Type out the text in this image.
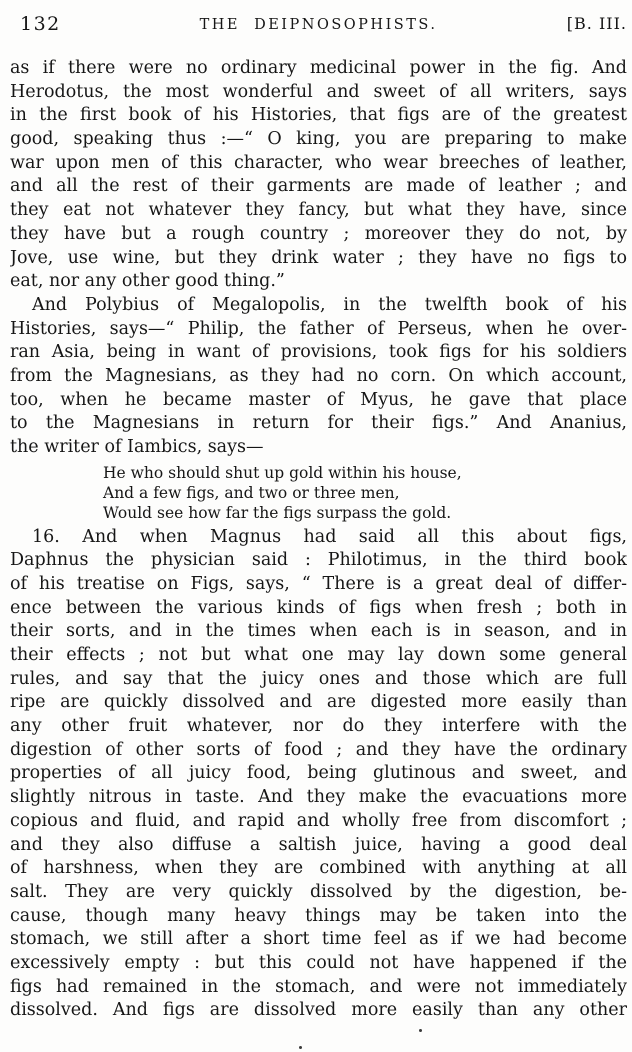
132	THE DEIPNOSOPHISTS.	[B. III.
as if there were no ordinary medicinal power in the fig. And
Herodotus, the most wonderful and sweet of all writers, says
in the first book of his Histories, that figs are of the greatest
good, speaking thus :—“ O king, you are preparing to make
war upon men of this character, who wear breeches of leather,
and all the rest of their garments are made of leather ; and
they eat not whatever they fancy, but what they have, since
they have but a rough country ; moreover they do not, by
Jove, use wine, but they drink water ; they have no figs to
eat, nor any other good thing.”
And Polybius of Megalopolis, in the twelfth book of his
Histories, says—“ Philip, the father of Perseus, when he over-
ran Asia, being in want of provisions, took figs for his soldiers
from the Magnesians, as they had no corn. On which account,
too, when he became master of Myus, he gave that place
to the Magnesians in return for their figs.” And Ananius,
the writer of Iambics, says—
He who should shut up gold within his house,
And a few figs, and two or three men,
Would see how far the figs surpass the gold.
16. And when Magnus had said all this about figs,
Daphnus the physician said : Philotimus, in the third book
of his treatise on Figs, says, “ There is a great deal of differ-
ence between the various kinds of figs when fresh ; both in
their sorts, and in the times when each is in season, and in
their effects ; not but what one may lay down some general
rules, and say that the juicy ones and those which are full
ripe are quickly dissolved and are digested more easily than
any other fruit whatever, nor do they interfere with the
digestion of other sorts of food ; and they have the ordinary
properties of all juicy food, being glutinous and sweet, and
slightly nitrous in taste. And they make the evacuations more
copious and fluid, and rapid and wholly free from discomfort ;
and they also diffuse a saltish juice, having a good deal
of harshness, when they are combined with anything at all
salt. They are very quickly dissolved by the digestion, be-
cause, though many heavy things may be taken into the
stomach, we still after a short time feel as if we had become
excessively empty : but this could not have happened if the
figs had remained in the stomach, and were not immediately
dissolved. And figs are dissolved more easily than any other
